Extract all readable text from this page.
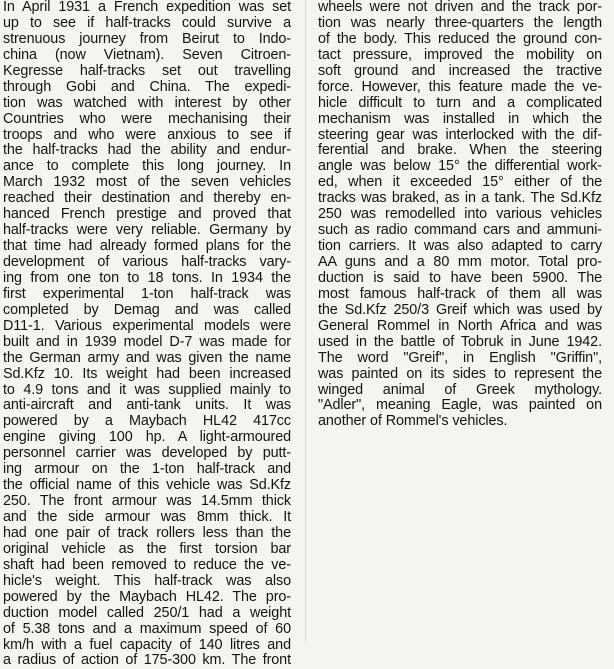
In April 1931 a French expedition was set
up to see if half-tracks could survive a
strenuous journey from Beirut to Indo-
china (now Vietnam). Seven Citroen-
Kegresse half-tracks set out travelling
through Gobi and China. The expedi-
tion was watched with interest by other
Countries who were mechanising their
troops and who were anxious to see if
the half-tracks had the ability and endur-
ance to complete this long journey. In
March 1932 most of the seven vehicles
reached their destination and thereby en-
hanced French prestige and proved that
half-tracks were very reliable. Germany by
that time had already formed plans for the
development of various half-tracks vary-
ing from one ton to 18 tons. In 1934 the
first experimental 1-ton half-track was
completed by Demag and was called
D11-1. Various experimental models were
built and in 1939 model D-7 was made for
the German army and was given the name
Sd.Kfz 10. Its weight had been increased
to 4.9 tons and it was supplied mainly to
anti-aircraft and anti-tank units. It was
powered by a Maybach HL42 417cc
engine giving 100 hp. A light-armoured
personnel carrier was developed by putt-
ing armour on the 1-ton half-track and
the official name of this vehicle was Sd.Kfz
250. The front armour was 14.5mm thick
and the side armour was 8mm thick. It
had one pair of track rollers less than the
original vehicle as the first torsion bar
shaft had been removed to reduce the ve-
hicle's weight. This half-track was also
powered by the Maybach HL42. The pro-
duction model called 250/1 had a weight
of 5.38 tons and a maximum speed of 60
km/h with a fuel capacity of 140 litres and
a radius of action of 175-300 km. The front
wheels were not driven and the track por-
tion was nearly three-quarters the length
of the body. This reduced the ground con-
tact pressure, improved the mobility on
soft ground and increased the tractive
force. However, this feature made the ve-
hicle difficult to turn and a complicated
mechanism was installed in which the
steering gear was interlocked with the dif-
ferential and brake. When the steering
angle was below 15° the differential work-
ed, when it exceeded 15° either of the
tracks was braked, as in a tank. The Sd.Kfz
250 was remodelled into various vehicles
such as radio command cars and ammuni-
tion carriers. It was also adapted to carry
AA guns and a 80 mm motor. Total pro-
duction is said to have been 5900. The
most famous half-track of them all was
the Sd.Kfz 250/3 Greif which was used by
General Rommel in North Africa and was
used in the battle of Tobruk in June 1942.
The word "Greif", in English "Griffin",
was painted on its sides to represent the
winged animal of Greek mythology.
"Adler", meaning Eagle, was painted on
another of Rommel's vehicles.
